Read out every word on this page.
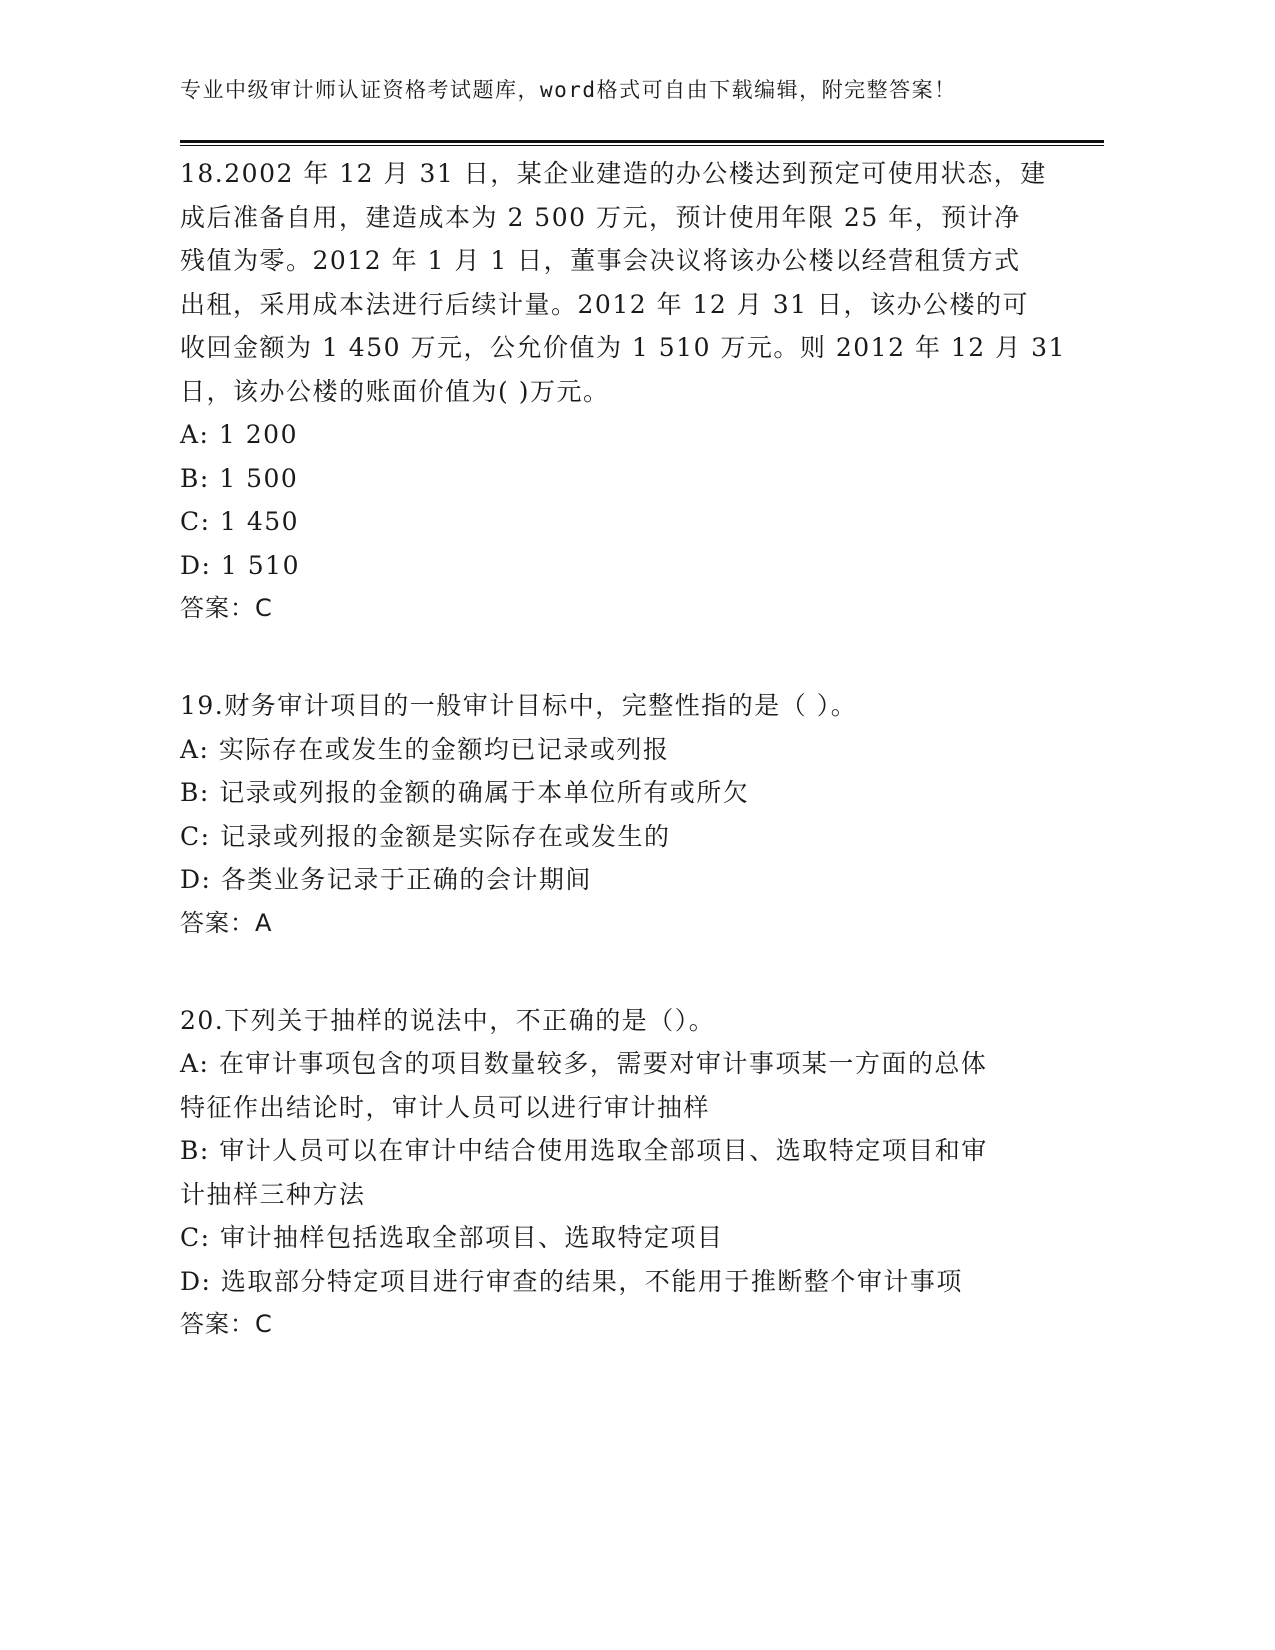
专业中级审计师认证资格考试题库，word格式可自由下载编辑，附完整答案！
18.2002 年 12 月 31 日，某企业建造的办公楼达到预定可使用状态，建
成后准备自用，建造成本为 2 500 万元，预计使用年限 25 年，预计净
残值为零。2012 年 1 月 1 日，董事会决议将该办公楼以经营租赁方式
出租，采用成本法进行后续计量。2012 年 12 月 31 日，该办公楼的可
收回金额为 1 450 万元，公允价值为 1 510 万元。则 2012 年 12 月 31
日，该办公楼的账面价值为( )万元。
A: 1 200
B: 1 500
C: 1 450
D: 1 510
答案：C
19.财务审计项目的一般审计目标中，完整性指的是（ ）。
A: 实际存在或发生的金额均已记录或列报
B: 记录或列报的金额的确属于本单位所有或所欠
C: 记录或列报的金额是实际存在或发生的
D: 各类业务记录于正确的会计期间
答案：A
20.下列关于抽样的说法中，不正确的是（）。
A: 在审计事项包含的项目数量较多，需要对审计事项某一方面的总体
特征作出结论时，审计人员可以进行审计抽样
B: 审计人员可以在审计中结合使用选取全部项目、选取特定项目和审
计抽样三种方法
C: 审计抽样包括选取全部项目、选取特定项目
D: 选取部分特定项目进行审查的结果，不能用于推断整个审计事项
答案：C
